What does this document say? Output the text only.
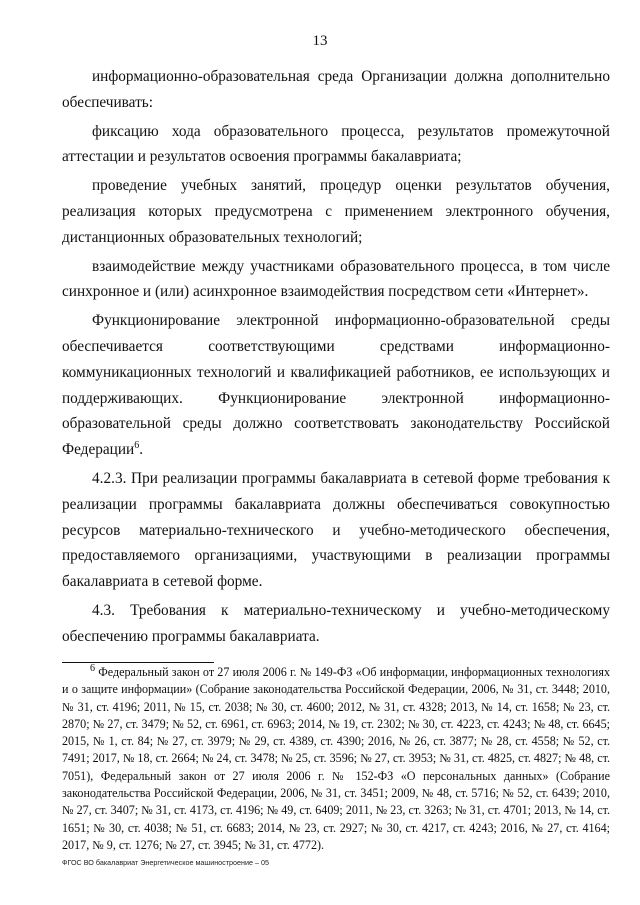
13

информационно-образовательная среда Организации должна дополнительно обеспечивать:

фиксацию хода образовательного процесса, результатов промежуточной аттестации и результатов освоения программы бакалавриата;

проведение учебных занятий, процедур оценки результатов обучения, реализация которых предусмотрена с применением электронного обучения, дистанционных образовательных технологий;

взаимодействие между участниками образовательного процесса, в том числе синхронное и (или) асинхронное взаимодействия посредством сети «Интернет».

Функционирование электронной информационно-образовательной среды обеспечивается соответствующими средствами информационно-коммуникационных технологий и квалификацией работников, ее использующих и поддерживающих. Функционирование электронной информационно-образовательной среды должно соответствовать законодательству Российской Федерации$^6$.

4.2.3. При реализации программы бакалавриата в сетевой форме требования к реализации программы бакалавриата должны обеспечиваться совокупностью ресурсов материально-технического и учебно-методического обеспечения, предоставляемого организациями, участвующими в реализации программы бакалавриата в сетевой форме.

4.3. Требования к материально-техническому и учебно-методическому обеспечению программы бакалавриата.

$^6$ Федеральный закон от 27 июля 2006 г. № 149-ФЗ «Об информации, информационных технологиях и о защите информации» (Собрание законодательства Российской Федерации, 2006, № 31, ст. 3448; 2010, № 31, ст. 4196; 2011, № 15, ст. 2038; № 30, ст. 4600; 2012, № 31, ст. 4328; 2013, № 14, ст. 1658; № 23, ст. 2870; № 27, ст. 3479; № 52, ст. 6961, ст. 6963; 2014, № 19, ст. 2302; № 30, ст. 4223, ст. 4243; № 48, ст. 6645; 2015, № 1, ст. 84; № 27, ст. 3979; № 29, ст. 4389, ст. 4390; 2016, № 26, ст. 3877; № 28, ст. 4558; № 52, ст. 7491; 2017, № 18, ст. 2664; № 24, ст. 3478; № 25, ст. 3596; № 27, ст. 3953; № 31, ст. 4825, ст. 4827; № 48, ст. 7051), Федеральный закон от 27 июля 2006 г. № 152-ФЗ «О персональных данных» (Собрание законодательства Российской Федерации, 2006, № 31, ст. 3451; 2009, № 48, ст. 5716; № 52, ст. 6439; 2010, № 27, ст. 3407; № 31, ст. 4173, ст. 4196; № 49, ст. 6409; 2011, № 23, ст. 3263; № 31, ст. 4701; 2013, № 14, ст. 1651; № 30, ст. 4038; № 51, ст. 6683; 2014, № 23, ст. 2927; № 30, ст. 4217, ст. 4243; 2016, № 27, ст. 4164; 2017, № 9, ст. 1276; № 27, ст. 3945; № 31, ст. 4772).

ФГОС ВО бакалавриат Энергетическое машиностроение – 05
